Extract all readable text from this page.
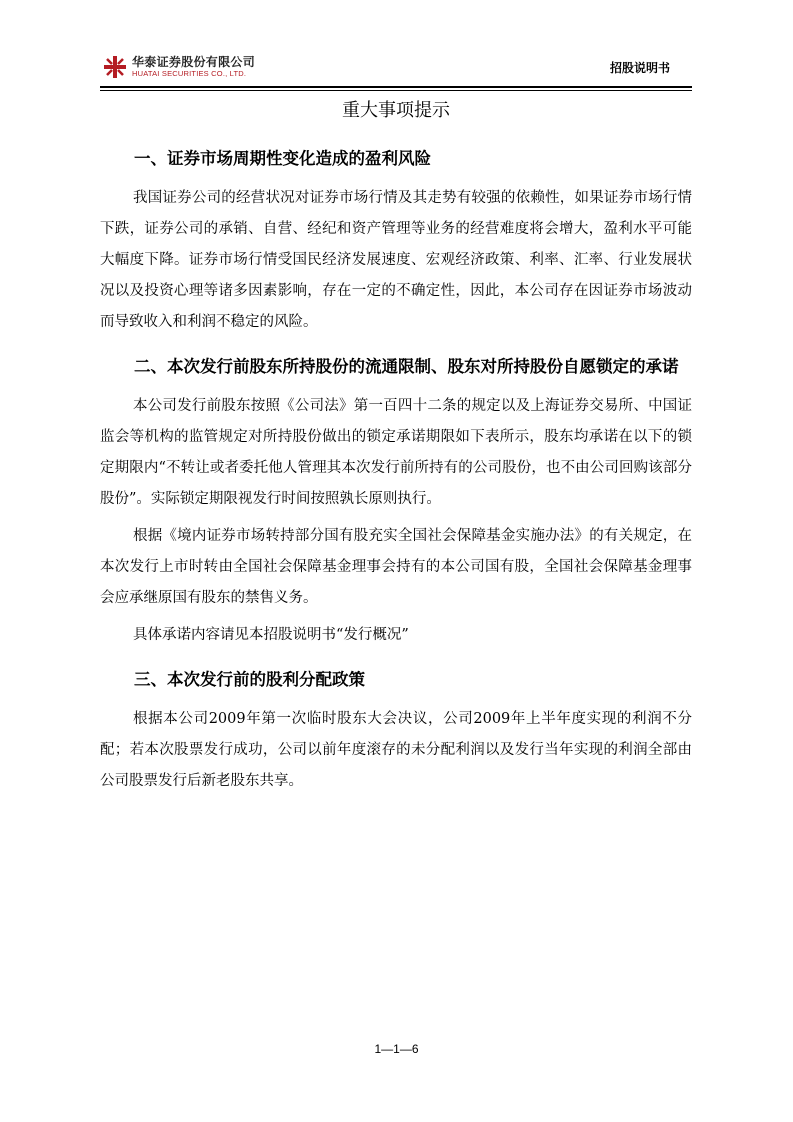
华泰证券股份有限公司
HUATAI SECURITIES CO., LTD.	招股说明书
重大事项提示
一、证券市场周期性变化造成的盈利风险

我国证券公司的经营状况对证券市场行情及其走势有较强的依赖性，如果证券市场行情下跌，证券公司的承销、自营、经纪和资产管理等业务的经营难度将会增大，盈利水平可能大幅度下降。证券市场行情受国民经济发展速度、宏观经济政策、利率、汇率、行业发展状况以及投资心理等诸多因素影响，存在一定的不确定性，因此，本公司存在因证券市场波动而导致收入和利润不稳定的风险。

二、本次发行前股东所持股份的流通限制、股东对所持股份自愿锁定的承诺

本公司发行前股东按照《公司法》第一百四十二条的规定以及上海证券交易所、中国证监会等机构的监管规定对所持股份做出的锁定承诺期限如下表所示，股东均承诺在以下的锁定期限内“不转让或者委托他人管理其本次发行前所持有的公司股份，也不由公司回购该部分股份”。实际锁定期限视发行时间按照孰长原则执行。

根据《境内证券市场转持部分国有股充实全国社会保障基金实施办法》的有关规定，在本次发行上市时转由全国社会保障基金理事会持有的本公司国有股，全国社会保障基金理事会应承继原国有股东的禁售义务。

具体承诺内容请见本招股说明书“发行概况”

三、本次发行前的股利分配政策

根据本公司2009年第一次临时股东大会决议，公司2009年上半年度实现的利润不分配；若本次股票发行成功，公司以前年度滚存的未分配利润以及发行当年实现的利润全部由公司股票发行后新老股东共享。

1—1—6
